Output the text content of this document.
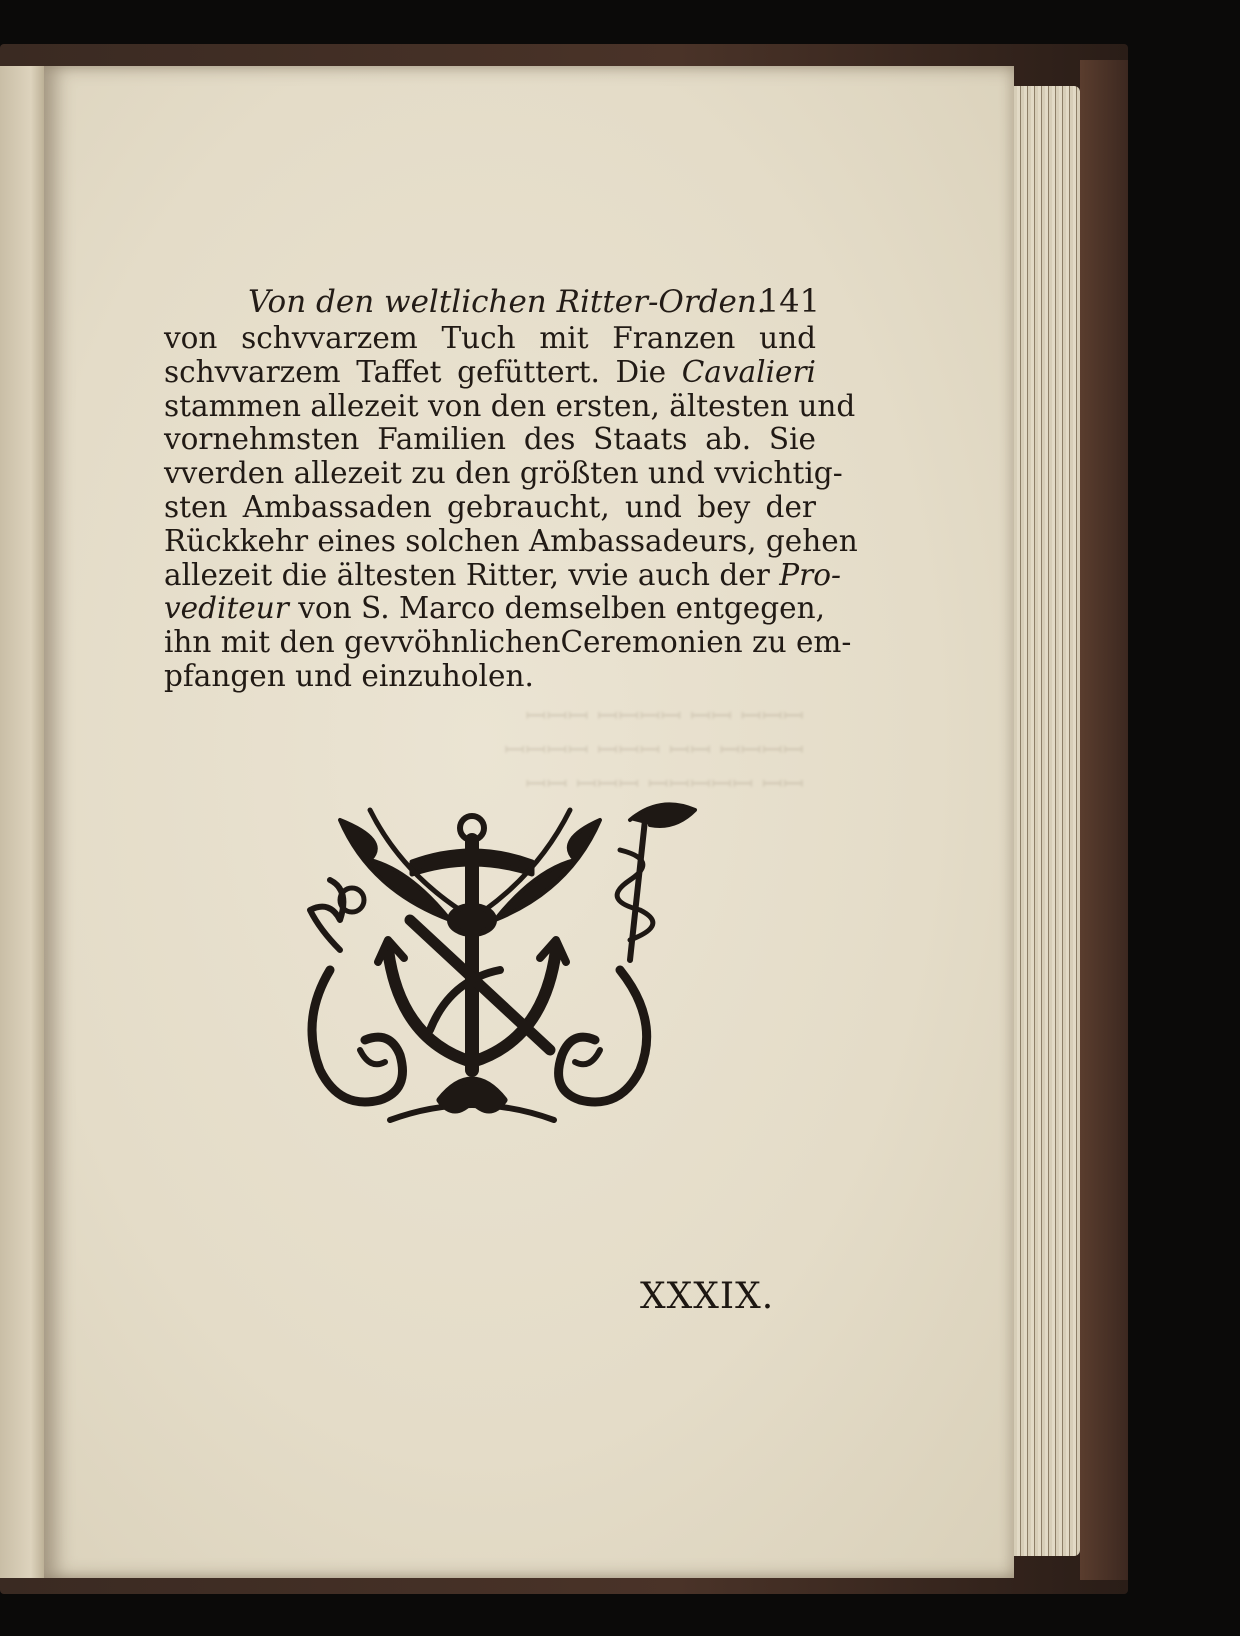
ꟷꟷꟷ ꟷꟷ ꟷꟷꟷꟷ ꟷꟷꟷ
ꟷꟷꟷꟷ ꟷꟷ ꟷꟷꟷ ꟷꟷꟷꟷ
ꟷꟷ ꟷꟷꟷꟷꟷ ꟷꟷꟷ ꟷꟷ
Von den weltlichen Ritter-Orden.
141
von schvvarzem Tuch mit Franzen und
schvvarzem Taffet gefüttert. Die Cavalieri
stammen allezeit von den ersten, ältesten und
vornehmsten Familien des Staats ab. Sie
vverden allezeit zu den größten und vvichtig-
sten Ambassaden gebraucht, und bey der
Rückkehr eines solchen Ambassadeurs, gehen
allezeit die ältesten Ritter, vvie auch der Pro-
vediteur von S. Marco demselben entgegen,
ihn mit den gevvöhnlichenCeremonien zu em-
pfangen und einzuholen.
XXXIX.
